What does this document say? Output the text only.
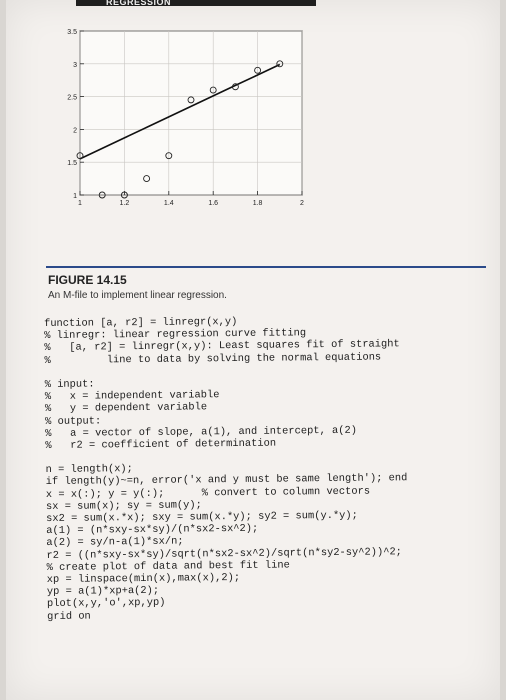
REGRESSION
1	1.2	1.4	1.6	1.8	2
1
1.5
2
2.5
3
3.5
FIGURE 14.15
An M-file to implement linear regression.
function [a, r2] = linregr(x,y)
% linregr: linear regression curve fitting
%   [a, r2] = linregr(x,y): Least squares fit of straight
%         line to data by solving the normal equations
% input:
%   x = independent variable
%   y = dependent variable
% output:
%   a = vector of slope, a(1), and intercept, a(2)
%   r2 = coefficient of determination
n = length(x);
if length(y)~=n, error('x and y must be same length'); end
x = x(:); y = y(:);      % convert to column vectors
sx = sum(x); sy = sum(y);
sx2 = sum(x.*x); sxy = sum(x.*y); sy2 = sum(y.*y);
a(1) = (n*sxy-sx*sy)/(n*sx2-sx^2);
a(2) = sy/n-a(1)*sx/n;
r2 = ((n*sxy-sx*sy)/sqrt(n*sx2-sx^2)/sqrt(n*sy2-sy^2))^2;
% create plot of data and best fit line
xp = linspace(min(x),max(x),2);
yp = a(1)*xp+a(2);
plot(x,y,'o',xp,yp)
grid on
